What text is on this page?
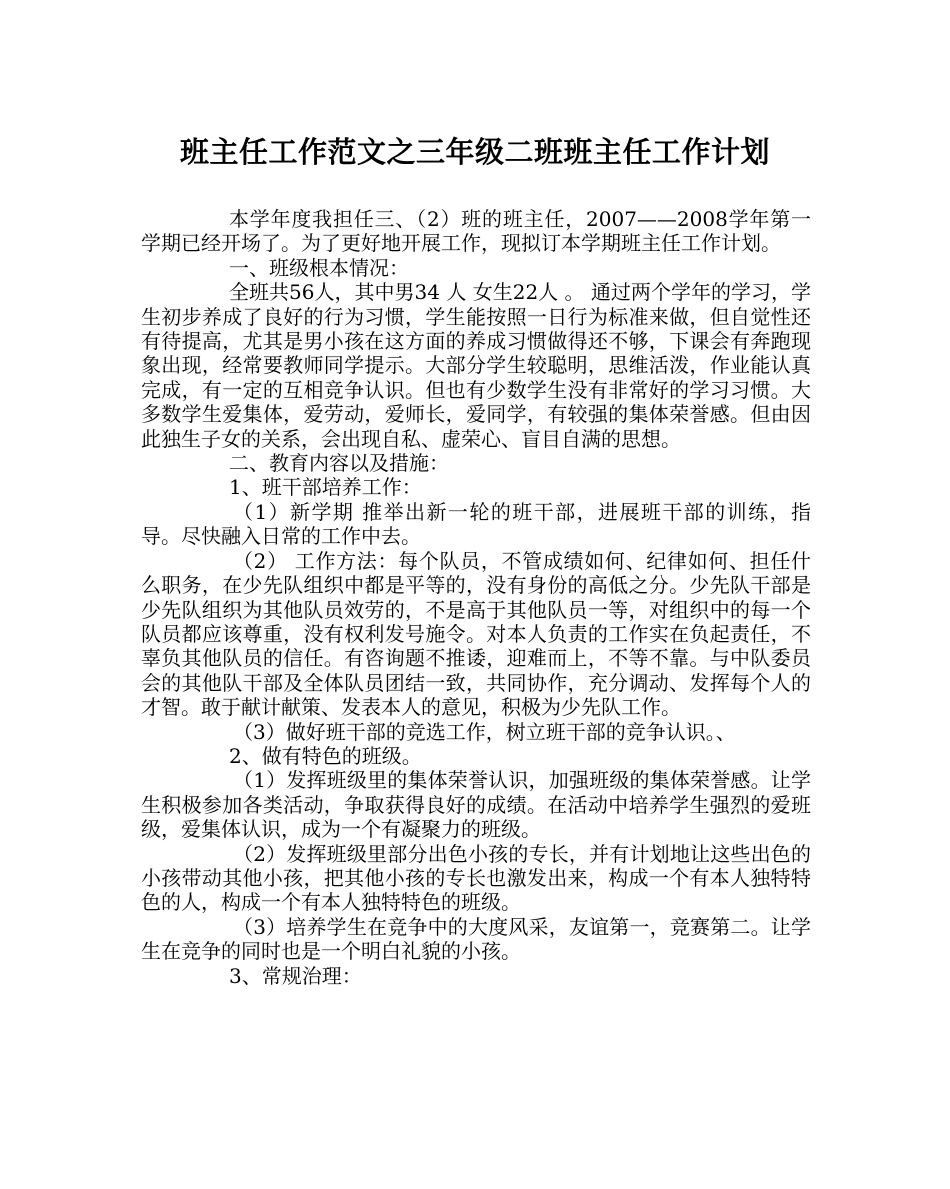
班主任工作范文之三年级二班班主任工作计划

本学年度我担任三、（2）班的班主任，2007——2008学年第一学期已经开场了。为了更好地开展工作，现拟订本学期班主任工作计划。

一、班级根本情况：

全班共56人，其中男34 人 女生22人 。 通过两个学年的学习，学生初步养成了良好的行为习惯，学生能按照一日行为标准来做，但自觉性还有待提高，尤其是男小孩在这方面的养成习惯做得还不够，下课会有奔跑现象出现，经常要教师同学提示。大部分学生较聪明，思维活泼，作业能认真完成，有一定的互相竞争认识。但也有少数学生没有非常好的学习习惯。大多数学生爱集体，爱劳动，爱师长，爱同学，有较强的集体荣誉感。但由因此独生子女的关系，会出现自私、虚荣心、盲目自满的思想。

二、教育内容以及措施：

1、班干部培养工作：

（1）新学期 推举出新一轮的班干部，进展班干部的训练，指导。尽快融入日常的工作中去。

（2） 工作方法：每个队员，不管成绩如何、纪律如何、担任什么职务，在少先队组织中都是平等的，没有身份的高低之分。少先队干部是少先队组织为其他队员效劳的，不是高于其他队员一等，对组织中的每一个队员都应该尊重，没有权利发号施令。对本人负责的工作实在负起责任，不辜负其他队员的信任。有咨询题不推诿，迎难而上，不等不靠。与中队委员会的其他队干部及全体队员团结一致，共同协作，充分调动、发挥每个人的才智。敢于献计献策、发表本人的意见，积极为少先队工作。

（3）做好班干部的竞选工作，树立班干部的竞争认识。、

2、做有特色的班级。

（1）发挥班级里的集体荣誉认识，加强班级的集体荣誉感。让学生积极参加各类活动，争取获得良好的成绩。在活动中培养学生强烈的爱班级，爱集体认识，成为一个有凝聚力的班级。

（2）发挥班级里部分出色小孩的专长，并有计划地让这些出色的小孩带动其他小孩，把其他小孩的专长也激发出来，构成一个有本人独特特色的人，构成一个有本人独特特色的班级。

（3）培养学生在竞争中的大度风采，友谊第一，竞赛第二。让学生在竞争的同时也是一个明白礼貌的小孩。

3、常规治理：
